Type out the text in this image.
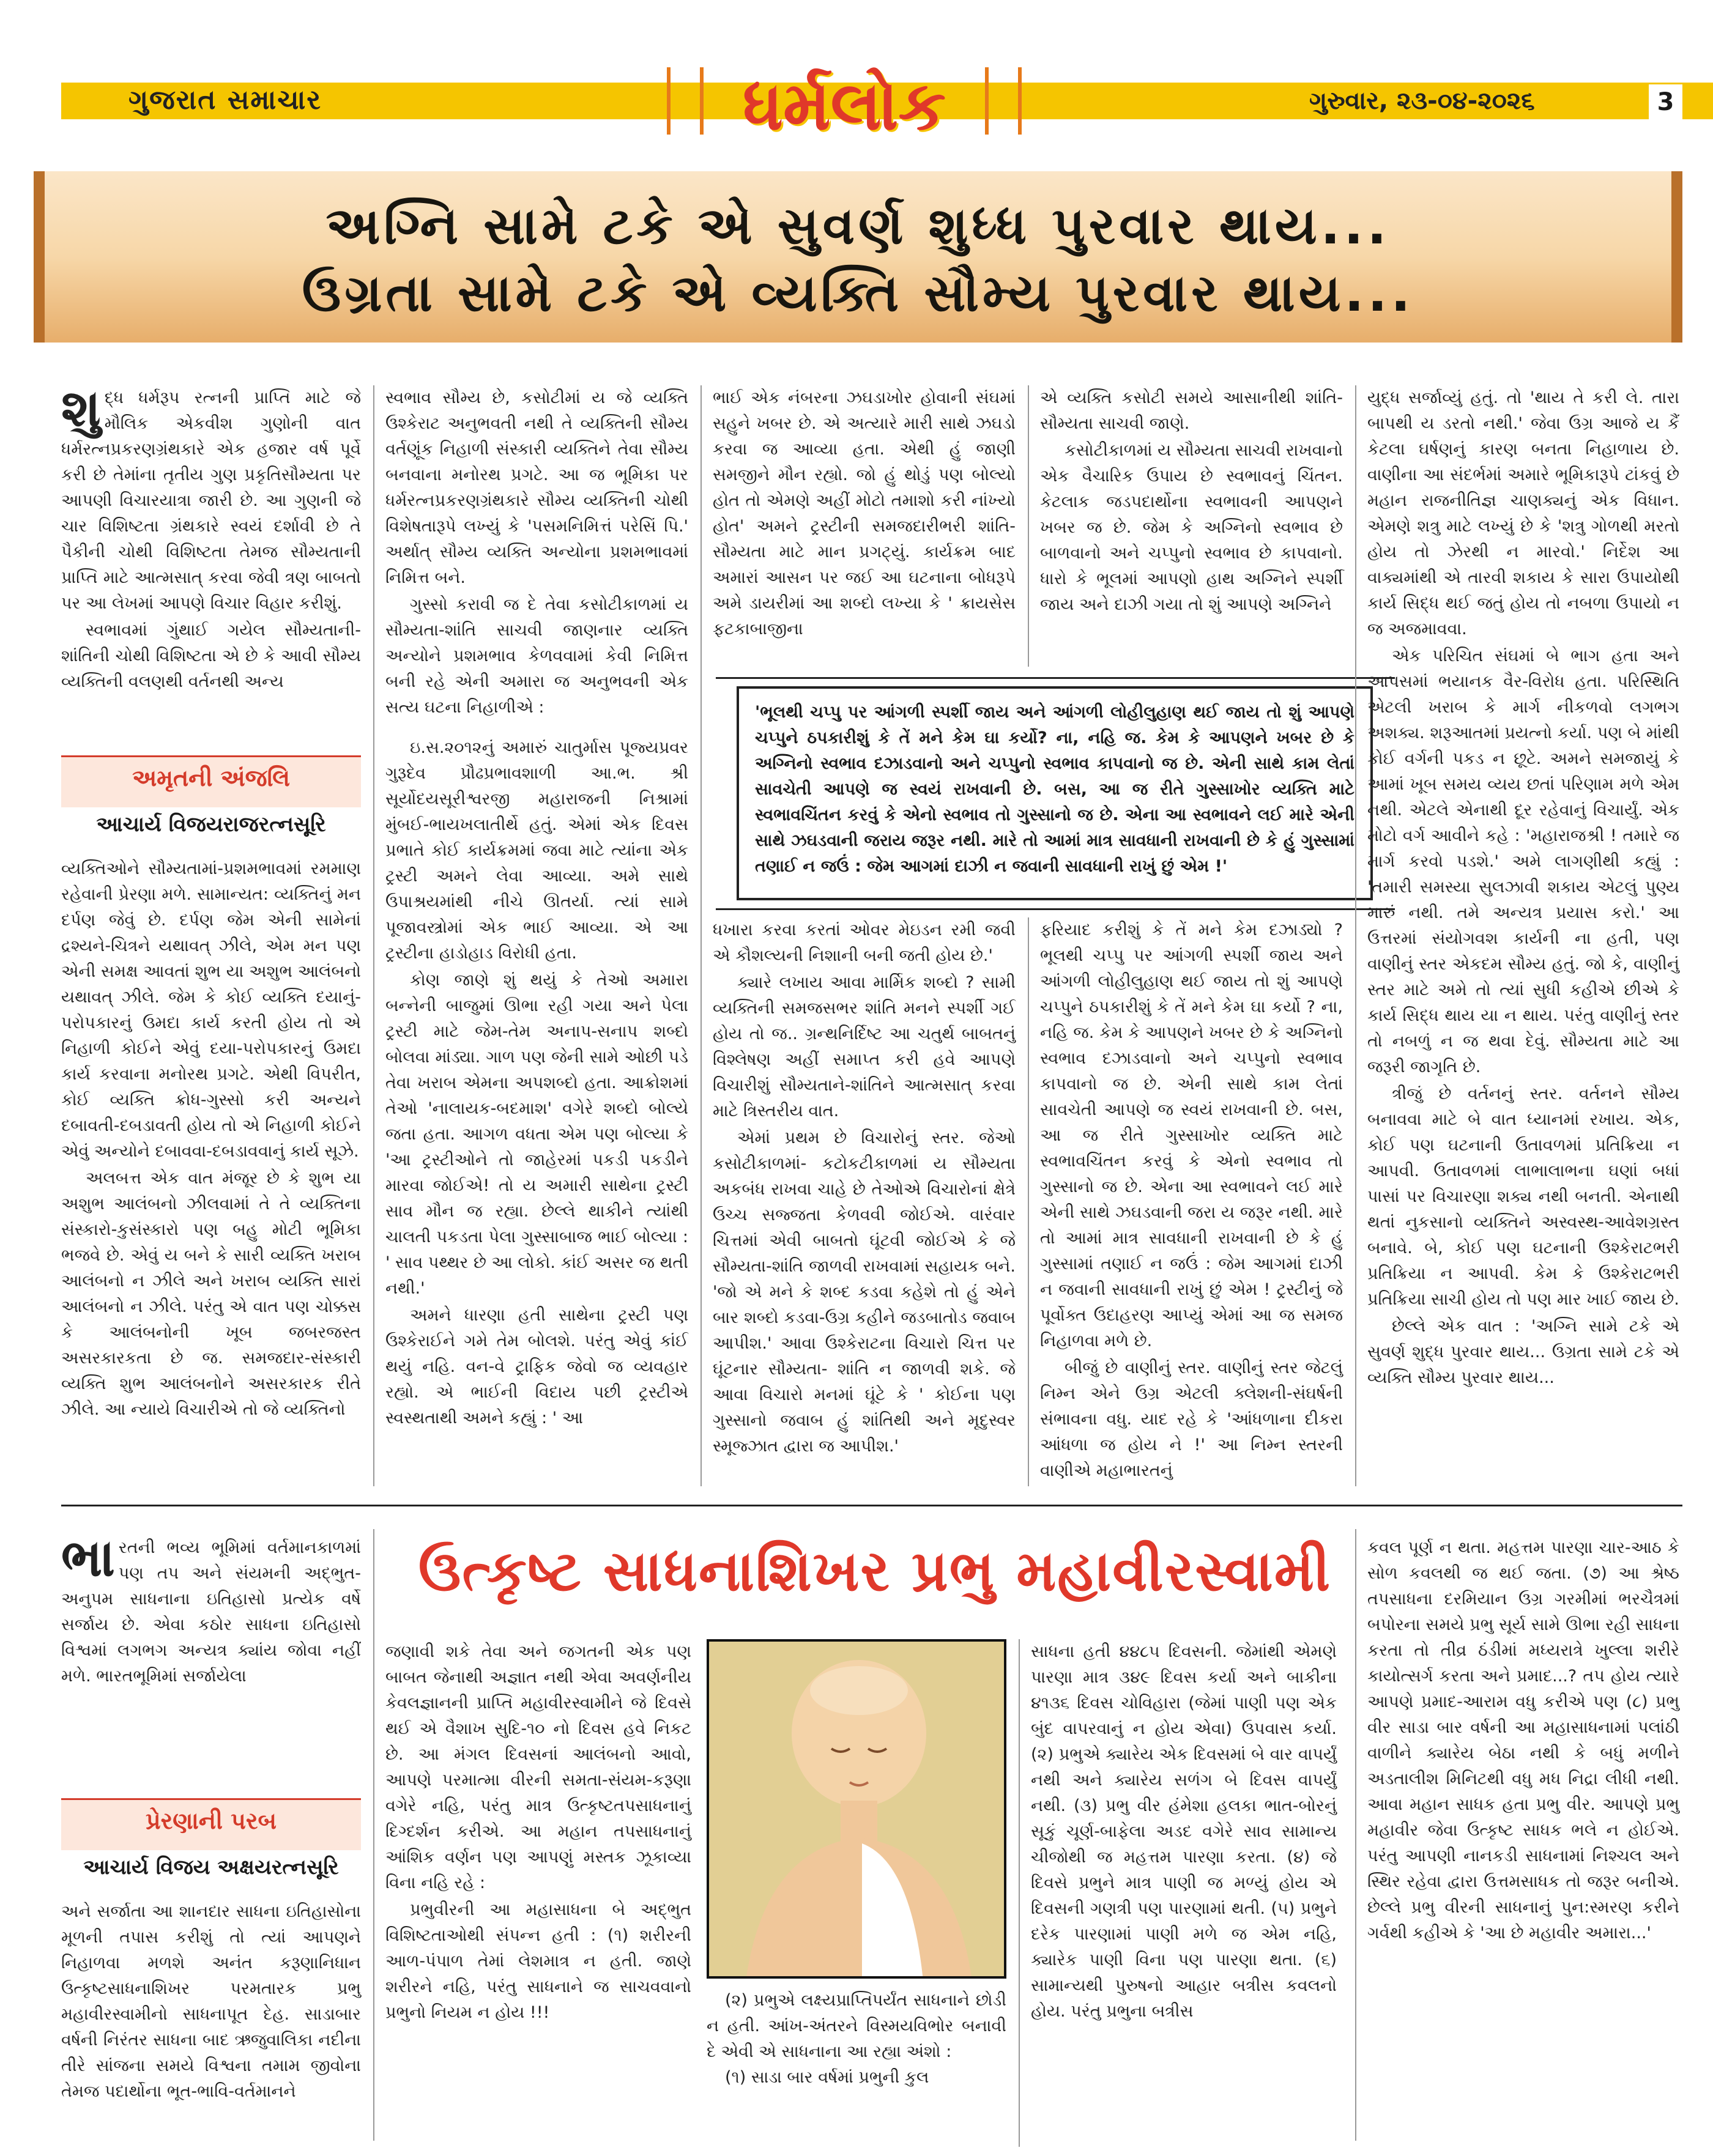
ગુજરાત સમાચાર	ધર્મલોક	ગુરુવાર, ૨૩-૦૪-૨૦૨૬	3
અગ્નિ સામે ટકે એ સુવર્ણ શુધ્ધ પુરવાર થાય...
ઉગ્રતા સામે ટકે એ વ્યક્તિ સૌમ્ય પુરવાર થાય...
શુ દ્ધ ધર્મરૂપ રત્નની પ્રાપ્તિ માટે જે મૌલિક એકવીશ ગુણોની વાત ધર્મરત્નપ્રકરણગ્રંથકારે એક હજાર વર્ષ પૂર્વે કરી છે તેમાંના તૃતીય ગુણ પ્રકૃતિસૌમ્યતા પર આપણી વિચારયાત્રા જારી છે. આ ગુણની જે ચાર વિશિષ્ટતા ગ્રંથકારે સ્વયં દર્શાવી છે તે પૈકીની ચોથી વિશિષ્ટતા તેમજ સૌમ્યતાની પ્રાપ્તિ માટે આત્મસાત્ કરવા જેવી ત્રણ બાબતો પર આ લેખમાં આપણે વિચાર વિહાર કરીશું.

સ્વભાવમાં ગુંથાઈ ગયેલ સૌમ્યતાની- શાંતિની ચોથી વિશિષ્ટતા એ છે કે આવી સૌમ્ય વ્યક્તિની વલણથી વર્તનથી અન્ય

અમૃતની અંજલિ
આચાર્ય વિજયરાજરત્નસૂરિ

વ્યક્તિઓને સૌમ્યતામાં-પ્રશમભાવમાં રમમાણ રહેવાની પ્રેરણા મળે. સામાન્યત: વ્યક્તિનું મન દર્પણ જેવું છે. દર્પણ જેમ એની સામેનાં દ્રશ્યને-ચિત્રને યથાવત્ ઝીલે, એમ મન પણ એની સમક્ષ આવતાં શુભ યા અશુભ આલંબનો યથાવત્ ઝીલે. જેમ કે કોઈ વ્યક્તિ દયાનું- પરોપકારનું ઉમદા કાર્ય કરતી હોય તો એ નિહાળી કોઈને એવું દયા-પરોપકારનું ઉમદા કાર્ય કરવાના મનોરથ પ્રગટે. એથી વિપરીત, કોઈ વ્યક્તિ ક્રોધ-ગુસ્સો કરી અન્યને દબાવતી-દબડાવતી હોય તો એ નિહાળી કોઈને એવું અન્યોને દબાવવા-દબડાવવાનું કાર્ય સૂઝે.

અલબત્ત એક વાત મંજૂર છે કે શુભ યા અશુભ આલંબનો ઝીલવામાં તે તે વ્યક્તિના સંસ્કારો-કુસંસ્કારો પણ બહુ મોટી ભૂમિકા ભજવે છે. એવું ય બને કે સારી વ્યક્તિ ખરાબ આલંબનો ન ઝીલે અને ખરાબ વ્યક્તિ સારાં આલંબનો ન ઝીલે. પરંતુ એ વાત પણ ચોક્કસ કે આલંબનોની ખૂબ જબરજસ્ત અસરકારકતા છે જ. સમજદાર-સંસ્કારી વ્યક્તિ શુભ આલંબનોને અસરકારક રીતે ઝીલે. આ ન્યાયે વિચારીએ તો જે વ્યક્તિનો

સ્વભાવ સૌમ્ય છે, કસોટીમાં ય જે વ્યક્તિ ઉશ્કેરાટ અનુભવતી નથી તે વ્યક્તિની સૌમ્ય વર્તણૂંક નિહાળી સંસ્કારી વ્યક્તિને તેવા સૌમ્ય બનવાના મનોરથ પ્રગટે. આ જ ભૂમિકા પર ધર્મરત્નપ્રકરણગ્રંથકારે સૌમ્ય વ્યક્તિની ચોથી વિશેષતારૂપે લખ્યું કે 'પસમનિમિત્તં પરેસિં પિ.' અર્થાત્ સૌમ્ય વ્યક્તિ અન્યોના પ્રશમભાવમાં નિમિત્ત બને.

ગુસ્સો કરાવી જ દે તેવા કસોટીકાળમાં ય સૌમ્યતા-શાંતિ સાચવી જાણનાર વ્યક્તિ અન્યોને પ્રશમભાવ કેળવવામાં કેવી નિમિત્ત બની રહે એની અમારા જ અનુભવની એક સત્ય ઘટના નિહાળીએ :

ઇ.સ.૨૦૧૨નું અમારું ચાતુર્માસ પૂજ્યપ્રવર ગુરૂદેવ પ્રૌઢપ્રભાવશાળી આ.ભ. શ્રી સૂર્યોદયસૂરીશ્વરજી મહારાજની નિશ્રામાં મુંબઈ-ભાયખલાતીર્થે હતું. એમાં એક દિવસ પ્રભાતે કોઈ કાર્યક્રમમાં જવા માટે ત્યાંના એક ટ્રસ્ટી અમને લેવા આવ્યા. અમે સાથે ઉપાશ્રયમાંથી નીચે ઊતર્યા. ત્યાં સામે પૂજાવસ્ત્રોમાં એક ભાઈ આવ્યા. એ આ ટ્રસ્ટીના હાડોહાડ વિરોધી હતા.

કોણ જાણે શું થયું કે તેઓ અમારા બન્નેની બાજુમાં ઊભા રહી ગયા અને પેલા ટ્રસ્ટી માટે જેમ-તેમ અનાપ-સનાપ શબ્દો બોલવા માંડ્યા. ગાળ પણ જેની સામે ઓછી પડે તેવા ખરાબ એમના અપશબ્દો હતા. આક્રોશમાં તેઓ 'નાલાયક-બદમાશ' વગેરે શબ્દો બોલ્યે જતા હતા. આગળ વધતા એમ પણ બોલ્યા કે 'આ ટ્રસ્ટીઓને તો જાહેરમાં પકડી પકડીને મારવા જોઈએ! તો ય અમારી સાથેના ટ્રસ્ટી સાવ મૌન જ રહ્યા. છેલ્લે થાકીને ત્યાંથી ચાલતી પકડતા પેલા ગુસ્સાબાજ ભાઈ બોલ્યા : ' સાવ પથ્થર છે આ લોકો. કાંઈ અસર જ થતી નથી.'

અમને ધારણા હતી સાથેના ટ્રસ્ટી પણ ઉશ્કેરાઈને ગમે તેમ બોલશે. પરંતુ એવું કાંઈ થયું નહિ. વન-વે ટ્રાફિક જેવો જ વ્યવહાર રહ્યો. એ ભાઈની વિદાય પછી ટ્રસ્ટીએ સ્વસ્થતાથી અમને કહ્યું : ' આ

ભાઈ એક નંબરના ઝઘડાખોર હોવાની સંઘમાં સહુને ખબર છે. એ અત્યારે મારી સાથે ઝઘડો કરવા જ આવ્યા હતા. એથી હું જાણી સમજીને મૌન રહ્યો. જો હું થોડું પણ બોલ્યો હોત તો એમણે અહીં મોટો તમાશો કરી નાંખ્યો હોત' અમને ટ્રસ્ટીની સમજદારીભરી શાંતિ-સૌમ્યતા માટે માન પ્રગટ્યું. કાર્યક્રમ બાદ અમારાં આસન પર જઈ આ ઘટનાના બોધરૂપે અમે ડાયરીમાં આ શબ્દો લખ્યા કે ' ક્રાયસેસ ફટકાબાજીના

એ વ્યક્તિ કસોટી સમયે આસાનીથી શાંતિ-સૌમ્યતા સાચવી જાણે.

કસોટીકાળમાં ય સૌમ્યતા સાચવી રાખવાનો એક વૈચારિક ઉપાય છે સ્વભાવનું ચિંતન. કેટલાક જડપદાર્થોના સ્વભાવની આપણને ખબર જ છે. જેમ કે અગ્નિનો સ્વભાવ છે બાળવાનો અને ચપ્પુનો સ્વભાવ છે કાપવાનો. ધારો કે ભૂલમાં આપણો હાથ અગ્નિને સ્પર્શી જાય અને દાઝી ગયા તો શું આપણે અગ્નિને

'ભૂલથી ચપ્પુ પર આંગળી સ્પર્શી જાય અને આંગળી લોહીલુહાણ થઈ જાય તો શું આપણે ચપ્પુને ઠપકારીશું કે તેં મને કેમ ઘા કર્યો? ના, નહિ જ. કેમ કે આપણને ખબર છે કે અગ્નિનો સ્વભાવ દઝાડવાનો અને ચપ્પુનો સ્વભાવ કાપવાનો જ છે. એની સાથે કામ લેતાં સાવચેતી આપણે જ સ્વયં રાખવાની છે. બસ, આ જ રીતે ગુસ્સાખોર વ્યક્તિ માટે સ્વભાવચિંતન કરવું કે એનો સ્વભાવ તો ગુસ્સાનો જ છે. એના આ સ્વભાવને લઈ મારે એની સાથે ઝઘડવાની જરાય જરૂર નથી. મારે તો આમાં માત્ર સાવધાની રાખવાની છે કે હું ગુસ્સામાં તણાઈ ન જઉં : જેમ આગમાં દાઝી ન જવાની સાવધાની રાખું છું એમ !'

ધખારા કરવા કરતાં ઓવર મેઇડન રમી જવી એ કૌશલ્યની નિશાની બની જતી હોય છે.'

ક્યારે લખાય આવા માર્મિક શબ્દો ? સામી વ્યક્તિની સમજસભર શાંતિ મનને સ્પર્શી ગઈ હોય તો જ.. ગ્રન્થનિર્દિષ્ટ આ ચતુર્થ બાબતનું વિશ્લેષણ અહીં સમાપ્ત કરી હવે આપણે વિચારીશું સૌમ્યતાને-શાંતિને આત્મસાત્ કરવા માટે ત્રિસ્તરીય વાત.

એમાં પ્રથમ છે વિચારોનું સ્તર. જેઓ કસોટીકાળમાં- કટોકટીકાળમાં ય સૌમ્યતા અકબંધ રાખવા ચાહે છે તેઓએ વિચારોનાં ક્ષેત્રે ઉચ્ચ સજ્જતા કેળવવી જોઈએ. વારંવાર ચિત્તમાં એવી બાબતો ઘૂંટવી જોઈએ કે જે સૌમ્યતા-શાંતિ જાળવી રાખવામાં સહાયક બને. 'જો એ મને કે શબ્દ કડવા કહેશે તો હું એને બાર શબ્દો કડવા-ઉગ્ર કહીને જડબાતોડ જવાબ આપીશ.' આવા ઉશ્કેરાટના વિચારો ચિત્ત પર ઘૂંટનાર સૌમ્યતા- શાંતિ ન જાળવી શકે. જે આવા વિચારો મનમાં ઘૂંટે કે ' કોઈના પણ ગુસ્સાનો જવાબ હું શાંતિથી અને મૃદુસ્વર સ્મૂજ્ઝાત દ્વારા જ આપીશ.'

ફરિયાદ કરીશું કે તેં મને કેમ દઝાડ્યો ? ભૂલથી ચપ્પુ પર આંગળી સ્પર્શી જાય અને આંગળી લોહીલુહાણ થઈ જાય તો શું આપણે ચપ્પુને ઠપકારીશું કે તેં મને કેમ ઘા કર્યો ? ના, નહિ જ. કેમ કે આપણને ખબર છે કે અગ્નિનો સ્વભાવ દઝાડવાનો અને ચપ્પુનો સ્વભાવ કાપવાનો જ છે. એની સાથે કામ લેતાં સાવચેતી આપણે જ સ્વયં રાખવાની છે. બસ, આ જ રીતે ગુસ્સાખોર વ્યક્તિ માટે સ્વભાવચિંતન કરવું કે એનો સ્વભાવ તો ગુસ્સાનો જ છે. એના આ સ્વભાવને લઈ મારે એની સાથે ઝઘડવાની જરા ય જરૂર નથી. મારે તો આમાં માત્ર સાવધાની રાખવાની છે કે હું ગુસ્સામાં તણાઈ ન જઉં : જેમ આગમાં દાઝી ન જવાની સાવધાની રાખું છું એમ ! ટ્રસ્ટીનું જે પૂર્વોક્ત ઉદાહરણ આપ્યું એમાં આ જ સમજ નિહાળવા મળે છે.

બીજું છે વાણીનું સ્તર. વાણીનું સ્તર જેટલું નિમ્ન એને ઉગ્ર એટલી ક્લેશની-સંઘર્ષની સંભાવના વધુ. યાદ રહે કે 'આંધળાના દીકરા આંધળા જ હોય ને !' આ નિમ્ન સ્તરની વાણીએ મહાભારતનું

યુદ્ધ સર્જાવ્યું હતું. તો 'થાય તે કરી લે. તારા બાપથી ય ડરતો નથી.' જેવા ઉગ્ર આજે ય કૈં કેટલા ઘર્ષણનું કારણ બનતા નિહાળાય છે. વાણીના આ સંદર્ભમાં અમારે ભૂમિકારૂપે ટાંકવું છે મહાન રાજનીતિજ્ઞ ચાણક્યનું એક વિધાન. એમણે શત્રુ માટે લખ્યું છે કે 'શત્રુ ગોળથી મરતો હોય તો ઝેરથી ન મારવો.' નિર્દેશ આ વાક્યમાંથી એ તારવી શકાય કે સારા ઉપાયોથી કાર્ય સિદ્ધ થઈ જતું હોય તો નબળા ઉપાયો ન જ અજમાવવા.

એક પરિચિત સંઘમાં બે ભાગ હતા અને આપસમાં ભયાનક વૈર-વિરોધ હતા. પરિસ્થિતિ એટલી ખરાબ કે માર્ગ નીકળવો લગભગ અશક્ય. શરૂઆતમાં પ્રયત્નો કર્યા. પણ બે માંથી કોઈ વર્ગની પકડ ન છૂટે. અમને સમજાયું કે આમાં ખૂબ સમય વ્યય છતાં પરિણામ મળે એમ નથી. એટલે એનાથી દૂર રહેવાનું વિચાર્યું. એક મોટો વર્ગ આવીને કહે : 'મહારાજશ્રી ! તમારે જ માર્ગ કરવો પડશે.' અમે લાગણીથી કહ્યું : 'તમારી સમસ્યા સુલઝાવી શકાય એટલું પુણ્ય મારું નથી. તમે અન્યત્ર પ્રયાસ કરો.' આ ઉત્તરમાં સંયોગવશ કાર્યની ના હતી, પણ વાણીનું સ્તર એકદમ સૌમ્ય હતું. જો કે, વાણીનું સ્તર માટે અમે તો ત્યાં સુધી કહીએ છીએ કે કાર્ય સિદ્ધ થાય યા ન થાય. પરંતુ વાણીનું સ્તર તો નબળું ન જ થવા દેવું. સૌમ્યતા માટે આ જરૂરી જાગૃતિ છે.

ત્રીજું છે વર્તનનું સ્તર. વર્તનને સૌમ્ય બનાવવા માટે બે વાત ધ્યાનમાં રખાય. એક, કોઈ પણ ઘટનાની ઉતાવળમાં પ્રતિક્રિયા ન આપવી. ઉતાવળમાં લાભાલાભના ઘણાં બધાં પાસાં પર વિચારણા શક્ય નથી બનતી. એનાથી થતાં નુકસાનો વ્યક્તિને અસ્વસ્થ-આવેશગ્રસ્ત બનાવે. બે, કોઈ પણ ઘટનાની ઉશ્કેરાટભરી પ્રતિક્રિયા ન આપવી. કેમ કે ઉશ્કેરાટભરી પ્રતિક્રિયા સાચી હોય તો પણ માર ખાઈ જાય છે.

છેલ્લે એક વાત : 'અગ્નિ સામે ટકે એ સુવર્ણ શુદ્ધ પુરવાર થાય... ઉગ્રતા સામે ટકે એ વ્યક્તિ સૌમ્ય પુરવાર થાય...

ઉત્કૃષ્ટ સાધનાશિખર પ્રભુ મહાવીરસ્વામી
ભા રતની ભવ્ય ભૂમિમાં વર્તમાનકાળમાં પણ તપ અને સંયમની અદ્ભુત-અનુપમ સાધનાના ઇતિહાસો પ્રત્યેક વર્ષે સર્જાય છે. એવા કઠોર સાધના ઇતિહાસો વિશ્વમાં લગભગ અન્યત્ર ક્યાંય જોવા નહીં મળે. ભારતભૂમિમાં સર્જાયેલા

પ્રેરણાની પરબ
આચાર્ય વિજય અક્ષયરત્નસૂરિ

અને સર્જાતા આ શાનદાર સાધના ઇતિહાસોના મૂળની તપાસ કરીશું તો ત્યાં આપણને નિહાળવા મળશે અનંત કરૂણાનિધાન ઉત્કૃષ્ટસાધનાશિખર પરમતારક પ્રભુ મહાવીરસ્વામીનો સાધનાપૂત દેહ. સાડાબાર વર્ષની નિરંતર સાધના બાદ ઋજુવાલિકા નદીના તીરે સાંજના સમયે વિશ્વના તમામ જીવોના તેમજ પદાર્થોના ભૂત-ભાવિ-વર્તમાનને

જણાવી શકે તેવા અને જગતની એક પણ બાબત જેનાથી અજ્ઞાત નથી એવા અવર્ણનીય કેવલજ્ઞાનની પ્રાપ્તિ મહાવીરસ્વામીને જે દિવસે થઈ એ વૈશાખ સુદિ-૧૦ નો દિવસ હવે નિકટ છે. આ મંગલ દિવસનાં આલંબનો આવો, આપણે પરમાત્મા વીરની સમતા-સંયમ-કરૂણા વગેરે નહિ, પરંતુ માત્ર ઉત્કૃષ્ટતપસાધનાનું દિગ્દર્શન કરીએ. આ મહાન તપસાધનાનું આંશિક વર્ણન પણ આપણું મસ્તક ઝૂકાવ્યા વિના નહિ રહે :

પ્રભુવીરની આ મહાસાધના બે અદ્ભુત વિશિષ્ટતાઓથી સંપન્ન હતી : (૧) શરીરની આળ-પંપાળ તેમાં લેશમાત્ર ન હતી. જાણે શરીરને નહિ, પરંતુ સાધનાને જ સાચવવાનો પ્રભુનો નિયમ ન હોય !!!

(૨) પ્રભુએ લક્ષ્યપ્રાપ્તિપર્યંત સાધનાને છોડી ન હતી. આંખ-અંતરને વિસ્મયવિભોર બનાવી દે એવી એ સાધનાના આ રહ્યા અંશો :

(૧) સાડા બાર વર્ષમાં પ્રભુની કુલ

સાધના હતી ૪૪૮૫ દિવસની. જેમાંથી એમણે પારણા માત્ર ૩૪૯ દિવસ કર્યા અને બાકીના ૪૧૩૬ દિવસ ચોવિહારા (જેમાં પાણી પણ એક બુંદ વાપરવાનું ન હોય એવા) ઉપવાસ કર્યા. (૨) પ્રભુએ ક્યારેય એક દિવસમાં બે વાર વાપર્યું નથી અને ક્યારેય સળંગ બે દિવસ વાપર્યું નથી. (૩) પ્રભુ વીર હંમેશા હલકા ભાત-બોરનું સૂકું ચૂર્ણ-બાફેલા અડદ વગેરે સાવ સામાન્ય ચીજોથી જ મહત્તમ પારણા કરતા. (૪) જે દિવસે પ્રભુને માત્ર પાણી જ મળ્યું હોય એ દિવસની ગણત્રી પણ પારણામાં થતી. (૫) પ્રભુને દરેક પારણામાં પાણી મળે જ એમ નહિ, ક્યારેક પાણી વિના પણ પારણા થતા. (૬) સામાન્યથી પુરુષનો આહાર બત્રીસ કવલનો હોય. પરંતુ પ્રભુના બત્રીસ

કવલ પૂર્ણ ન થતા. મહત્તમ પારણા ચાર-આઠ કે સોળ કવલથી જ થઈ જતા. (૭) આ શ્રેષ્ઠ તપસાધના દરમિયાન ઉગ્ર ગરમીમાં ભરચૈત્રમાં બપોરના સમયે પ્રભુ સૂર્ય સામે ઊભા રહી સાધના કરતા તો તીવ્ર ઠંડીમાં મધ્યરાત્રે ખુલ્લા શરીરે કાયોત્સર્ગ કરતા અને પ્રમાદ...? તપ હોય ત્યારે આપણે પ્રમાદ-આરામ વધુ કરીએ પણ (૮) પ્રભુ વીર સાડા બાર વર્ષની આ મહાસાધનામાં પલાંઠી વાળીને ક્યારેય બેઠા નથી કે બધું મળીને અડતાલીશ મિનિટથી વધુ મધ નિદ્રા લીધી નથી. આવા મહાન સાધક હતા પ્રભુ વીર. આપણે પ્રભુ મહાવીર જેવા ઉત્કૃષ્ટ સાધક ભલે ન હોઈએ. પરંતુ આપણી નાનકડી સાધનામાં નિશ્ચલ અને સ્થિર રહેવા દ્વારા ઉત્તમસાધક તો જરૂર બનીએ. છેલ્લે પ્રભુ વીરની સાધનાનું પુન:સ્મરણ કરીને ગર્વથી કહીએ કે 'આ છે મહાવીર અમારા...'
